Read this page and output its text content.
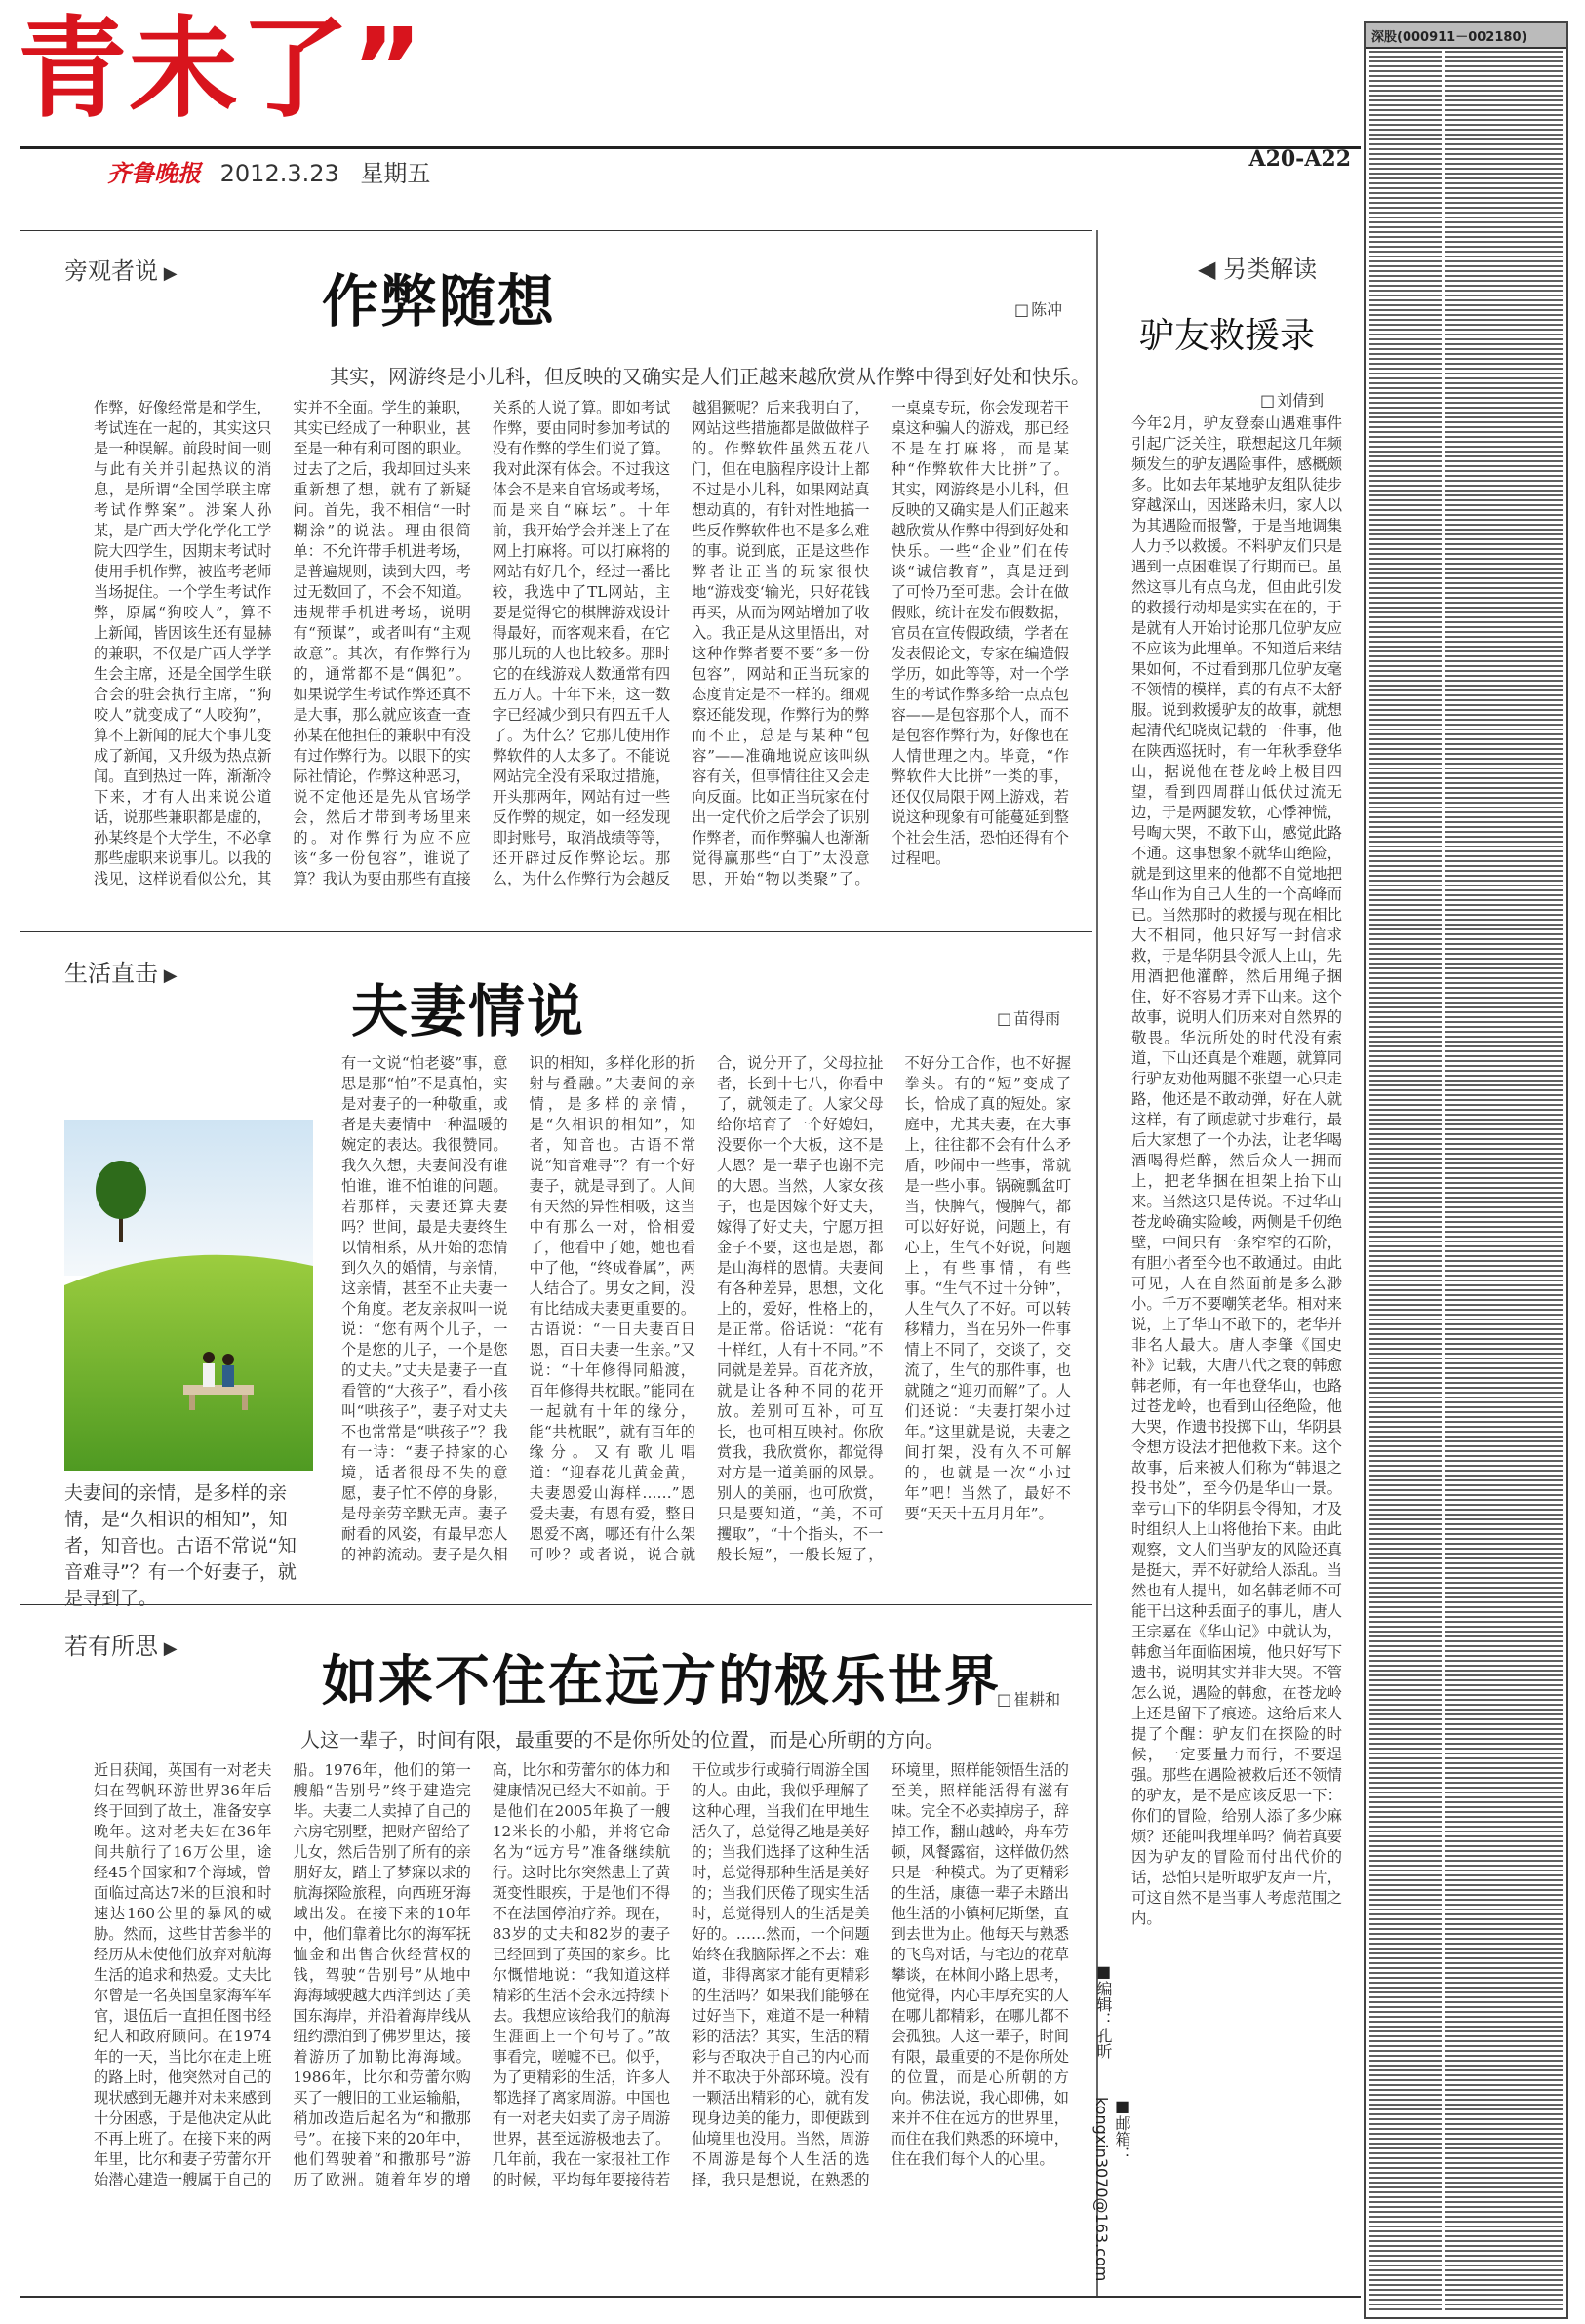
青未了”
齐鲁晚报 2012.3.23 星期五
A20-A22
旁观者说 ▶	作弊随想	□ 陈冲
其实，网游终是小儿科，但反映的又确实是人们正越来越欣赏从作弊中得到好处和快乐。
作弊，好像经常是和学生，考试连在一起的，其实这只是一种误解。前段时间一则与此有关并引起热议的消息，是所谓“全国学联主席考试作弊案”。涉案人孙某，是广西大学化学化工学院大四学生，因期末考试时使用手机作弊，被监考老师当场捉住。一个学生考试作弊，原属“狗咬人”，算不上新闻，皆因该生还有显赫的兼职，不仅是广西大学学生会主席，还是全国学生联合会的驻会执行主席，“狗咬人”就变成了“人咬狗”，算不上新闻的屁大个事儿变成了新闻，又升级为热点新闻。直到热过一阵，渐渐冷下来，才有人出来说公道话，说那些兼职都是虚的，孙某终是个大学生，不必拿那些虚职来说事儿。以我的浅见，这样说看似公允，其实并不全面。学生的兼职，其实已经成了一种职业，甚至是一种有利可图的职业。过去了之后，我却回过头来重新想了想，就有了新疑问。首先，我不相信“一时糊涂”的说法。理由很简单：不允许带手机进考场，是普遍规则，读到大四，考过无数回了，不会不知道。违规带手机进考场，说明有“预谋”，或者叫有“主观故意”。其次，有作弊行为的，通常都不是“偶犯”。如果说学生考试作弊还真不是大事，那么就应该查一查孙某在他担任的兼职中有没有过作弊行为。以眼下的实际社情论，作弊这种恶习，说不定他还是先从官场学会，然后才带到考场里来的。对作弊行为应不应该“多一份包容”，谁说了算？我认为要由那些有直接关系的人说了算。即如考试作弊，要由同时参加考试的没有作弊的学生们说了算。我对此深有体会。不过我这体会不是来自官场或考场，而是来自“麻坛”。十年前，我开始学会并迷上了在网上打麻将。可以打麻将的网站有好几个，经过一番比较，我选中了TL网站，主要是觉得它的棋牌游戏设计得最好，而客观来看，在它那儿玩的人也比较多。那时它的在线游戏人数通常有四五万人。十年下来，这一数字已经减少到只有四五千人了。为什么？它那儿使用作弊软件的人太多了。不能说网站完全没有采取过措施，开头那两年，网站有过一些反作弊的规定，如一经发现即封账号，取消战绩等等，还开辟过反作弊论坛。那么，为什么作弊行为会越反越猖獗呢？后来我明白了，网站这些措施都是做做样子的。作弊软件虽然五花八门，但在电脑程序设计上都不过是小儿科，如果网站真想动真的，有针对性地搞一些反作弊软件也不是多么难的事。说到底，正是这些作弊者让正当的玩家很快地“游戏变‘输光，只好花钱再买，从而为网站增加了收入。我正是从这里悟出，对这种作弊者要不要“多一份包容”，网站和正当玩家的态度肯定是不一样的。细观察还能发现，作弊行为的弊而不止，总是与某种“包容”——准确地说应该叫纵容有关，但事情往往又会走向反面。比如正当玩家在付出一定代价之后学会了识别作弊者，而作弊骗人也渐渐觉得赢那些“白丁”太没意思，开始“物以类聚”了。一桌桌专玩，你会发现若干桌这种骗人的游戏，那已经不是在打麻将，而是某种“作弊软件大比拼”了。其实，网游终是小儿科，但反映的又确实是人们正越来越欣赏从作弊中得到好处和快乐。一些“企业”们在传谈“诚信教育”，真是迂到了可怜乃至可悲。会计在做假账，统计在发布假数据，官员在宣传假政绩，学者在发表假论文，专家在编造假学历，如此等等，对一个学生的考试作弊多给一点点包容——是包容那个人，而不是包容作弊行为，好像也在人情世理之内。毕竟，“作弊软件大比拼”一类的事，还仅仅局限于网上游戏，若说这种现象有可能蔓延到整个社会生活，恐怕还得有个过程吧。
生活直击 ▶
夫妻情说	□ 苗得雨
夫妻间的亲情，是多样的亲情，是“久相识的相知”，知者，知音也。古语不常说“知音难寻”？有一个好妻子，就是寻到了。
有一文说“怕老婆”事，意思是那“怕”不是真怕，实是对妻子的一种敬重，或者是夫妻情中一种温暖的婉定的表达。我很赞同。我久久想，夫妻间没有谁怕谁，谁不怕谁的问题。若那样，夫妻还算夫妻吗？世间，最是夫妻终生以情相系，从开始的恋情到久久的婚情，与亲情，这亲情，甚至不止夫妻一个角度。老友亲叔叫一说说：“您有两个儿子，一个是您的儿子，一个是您的丈夫。”丈夫是妻子一直看管的“大孩子”，看小孩叫“哄孩子”，妻子对丈夫不也常常是“哄孩子”？我有一诗：“妻子持家的心境，适者很母不失的意愿，妻子忙不停的身影，是母亲劳辛默无声。妻子耐看的风姿，有最早恋人的神韵流动。妻子是久相识的相知，多样化形的折射与叠融。”夫妻间的亲情，是多样的亲情，是“久相识的相知”，知者，知音也。古语不常说“知音难寻”？有一个好妻子，就是寻到了。人间有天然的异性相吸，这当中有那么一对，恰相爱了，他看中了她，她也看中了他，“终成眷属”，两人结合了。男女之间，没有比结成夫妻更重要的。古语说：“一日夫妻百日恩，百日夫妻一生亲。”又说：“十年修得同船渡，百年修得共枕眠。”能同在一起就有十年的缘分，能“共枕眠”，就有百年的缘分。又有歌儿唱道：“迎春花儿黄金黄，夫妻恩爱山海样……”恩爱夫妻，有恩有爱，整日恩爱不离，哪还有什么架可吵？或者说，说合就合，说分开了，父母拉扯者，长到十七八，你看中了，就领走了。人家父母给你培育了一个好媳妇，没要你一个大板，这不是大恩？是一辈子也谢不完的大恩。当然，人家女孩子，也是因嫁个好丈夫，嫁得了好丈夫，宁愿万担金子不要，这也是恩，都是山海样的恩情。夫妻间有各种差异，思想，文化上的，爱好，性格上的，是正常。俗话说：“花有十样红，人有十不同。”不同就是差异。百花齐放，就是让各种不同的花开放。差别可互补，可互长，也可相互映衬。你欣赏我，我欣赏你，都觉得对方是一道美丽的风景。别人的美丽，也可欣赏，只是要知道，“美，不可攫取”，“十个指头，不一般长短”，一般长短了，不好分工合作，也不好握拳头。有的“短”变成了长，恰成了真的短处。家庭中，尤其夫妻，在大事上，往往都不会有什么矛盾，吵闹中一些事，常就是一些小事。锅碗瓢盆叮当，快脾气，慢脾气，都可以好好说，问题上，有心上，生气不好说，问题上，有些事情，有些事。“生气不过十分钟”，人生气久了不好。可以转移精力，当在另外一件事情上不同了，交谈了，交流了，生气的那件事，也就随之“迎刃而解”了。人们还说：“夫妻打架小过年。”这里就是说，夫妻之间打架，没有久不可解的，也就是一次“小过年”吧！当然了，最好不要“天天十五月月年”。
若有所思 ▶
如来不住在远方的极乐世界 □ 崔耕和
人这一辈子，时间有限，最重要的不是你所处的位置，而是心所朝的方向。
近日获闻，英国有一对老夫妇在驾帆环游世界36年后终于回到了故土，准备安享晚年。这对老夫妇在36年间共航行了16万公里，途经45个国家和7个海域，曾面临过高达7米的巨浪和时速达160公里的暴风的威胁。然而，这些甘苦参半的经历从未使他们放弃对航海生活的追求和热爱。丈夫比尔曾是一名英国皇家海军军官，退伍后一直担任图书经纪人和政府顾问。在1974年的一天，当比尔在走上班的路上时，他突然对自己的现状感到无趣并对未来感到十分困惑，于是他决定从此不再上班了。在接下来的两年里，比尔和妻子劳蕾尔开始潜心建造一艘属于自己的船。1976年，他们的第一艘船“告别号”终于建造完毕。夫妻二人卖掉了自己的六房宅别墅，把财产留给了儿女，然后告别了所有的亲朋好友，踏上了梦寐以求的航海探险旅程，向西班牙海域出发。在接下来的10年中，他们靠着比尔的海军抚恤金和出售合伙经营权的钱，驾驶“告别号”从地中海海域驶越大西洋到达了美国东海岸，并沿着海岸线从纽约漂泊到了佛罗里达，接着游历了加勒比海海域。1986年，比尔和劳蕾尔购买了一艘旧的工业运输船，稍加改造后起名为“和撒那号”。在接下来的20年中，他们驾驶着“和撒那号”游历了欧洲。随着年岁的增高，比尔和劳蕾尔的体力和健康情况已经大不如前。于是他们在2005年换了一艘12米长的小船，并将它命名为“远方号”准备继续航行。这时比尔突然患上了黄斑变性眼疾，于是他们不得不在法国停泊疗养。现在，83岁的丈夫和82岁的妻子已经回到了英国的家乡。比尔慨惜地说：“我知道这样精彩的生活不会永远持续下去。我想应该给我们的航海生涯画上一个句号了。”故事看完，嗟嘘不已。似乎，为了更精彩的生活，许多人都选择了离家周游。中国也有一对老夫妇卖了房子周游世界，甚至远游极地去了。几年前，我在一家报社工作的时候，平均每年要接待若干位或步行或骑行周游全国的人。由此，我似乎理解了这种心理，当我们在甲地生活久了，总觉得乙地是美好的；当我们选择了这种生活时，总觉得那种生活是美好的；当我们厌倦了现实生活时，总觉得别人的生活是美好的。……然而，一个问题始终在我脑际挥之不去：难道，非得离家才能有更精彩的生活吗？如果我们能够在过好当下，难道不是一种精彩的活法？其实，生活的精彩与否取决于自己的内心而并不取决于外部环境。没有一颗活出精彩的心，就有发现身边美的能力，即便跋到仙境里也没用。当然，周游不周游是每个人生活的选择，我只是想说，在熟悉的环境里，照样能领悟生活的至美，照样能活得有滋有味。完全不必卖掉房子，辞掉工作，翻山越岭，舟车劳顿，风餐露宿，这样做仍然只是一种模式。为了更精彩的生活，康德一辈子未踏出他生活的小镇柯尼斯堡，直到去世为止。他每天与熟悉的飞鸟对话，与宅边的花草攀谈，在林间小路上思考，他觉得，内心丰厚充实的人在哪儿都精彩，在哪儿都不会孤独。人这一辈子，时间有限，最重要的不是你所处的位置，而是心所朝的方向。佛法说，我心即佛，如来并不住在远方的世界里，而住在我们熟悉的环境中，住在我们每个人的心里。
◀ 另类解读
驴友救援录
□ 刘倩到
今年2月，驴友登泰山遇难事件引起广泛关注，联想起这几年频频发生的驴友遇险事件，感概颇多。比如去年某地驴友组队徒步穿越深山，因迷路未归，家人以为其遇险而报警，于是当地调集人力予以救援。不料驴友们只是遇到一点困难误了行期而已。虽然这事儿有点乌龙，但由此引发的救援行动却是实实在在的，于是就有人开始讨论那几位驴友应不应该为此埋单。不知道后来结果如何，不过看到那几位驴友毫不领情的模样，真的有点不太舒服。说到救援驴友的故事，就想起清代纪晓岚记载的一件事，他在陕西巡抚时，有一年秋季登华山，据说他在苍龙岭上极目四望，看到四周群山低伏过流无边，于是两腿发软，心悸神慌，号啕大哭，不敢下山，感觉此路不通。这事想象不就华山绝险，就是到这里来的他都不自觉地把华山作为自己人生的一个高峰而已。当然那时的救援与现在相比大不相同，他只好写一封信求救，于是华阴县令派人上山，先用酒把他灌醉，然后用绳子捆住，好不容易才弄下山来。这个故事，说明人们历来对自然界的敬畏。华沅所处的时代没有索道，下山还真是个难题，就算同行驴友劝他两腿不张望一心只走路，他还是不敢动弹，好在人就这样，有了顾虑就寸步难行，最后大家想了一个办法，让老华喝酒喝得烂醉，然后众人一拥而上，把老华捆在担架上抬下山来。当然这只是传说。不过华山苍龙岭确实险峻，两侧是千仞绝壁，中间只有一条窄窄的石阶，有胆小者至今也不敢通过。由此可见，人在自然面前是多么渺小。千万不要嘲笑老华。相对来说，上了华山不敢下的，老华并非名人最大。唐人李肇《国史补》记载，大唐八代之衰的韩愈韩老师，有一年也登华山，也路过苍龙岭，也看到山径绝险，他大哭，作遗书投掷下山，华阴县令想方设法才把他救下来。这个故事，后来被人们称为“韩退之投书处”，至今仍是华山一景。幸亏山下的华阴县令得知，才及时组织人上山将他抬下来。由此观察，文人们当驴友的风险还真是挺大，弄不好就给人添乱。当然也有人提出，如名韩老师不可能干出这种丢面子的事儿，唐人王宗嘉在《华山记》中就认为，韩愈当年面临困境，他只好写下遗书，说明其实并非大哭。不管怎么说，遇险的韩愈，在苍龙岭上还是留下了痕迹。这给后来人提了个醒：驴友们在探险的时候，一定要量力而行，不要逞强。那些在遇险被救后还不领情的驴友，是不是应该反思一下：你们的冒险，给别人添了多少麻烦？还能叫我埋单吗？倘若真要因为驴友的冒险而付出代价的话，恐怕只是听取驴友声一片，可这自然不是当事人考虑范围之内。
■编辑：孔昕
■邮箱：kongxin3070@163.com
深股(000911－002180)
